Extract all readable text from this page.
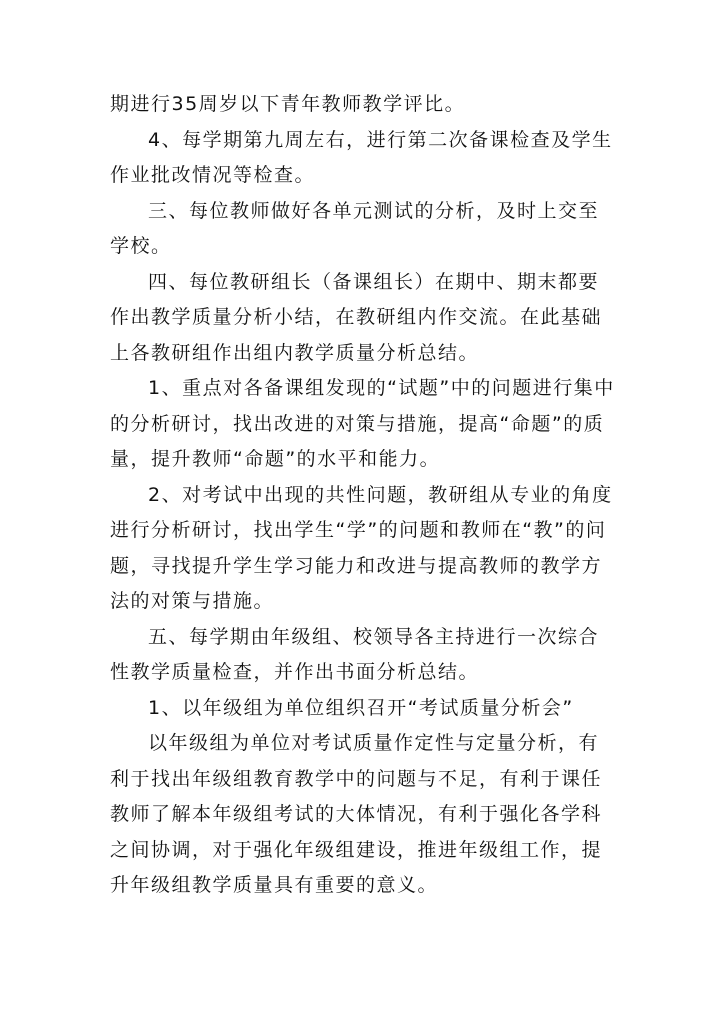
期进行35周岁以下青年教师教学评比。

4、每学期第九周左右，进行第二次备课检查及学生作业批改情况等检查。

三、每位教师做好各单元测试的分析，及时上交至学校。

四、每位教研组长（备课组长）在期中、期末都要作出教学质量分析小结，在教研组内作交流。在此基础上各教研组作出组内教学质量分析总结。

1、重点对各备课组发现的“试题”中的问题进行集中的分析研讨，找出改进的对策与措施，提高“命题”的质量，提升教师“命题”的水平和能力。

2、对考试中出现的共性问题，教研组从专业的角度进行分析研讨，找出学生“学”的问题和教师在“教”的问题，寻找提升学生学习能力和改进与提高教师的教学方法的对策与措施。

五、每学期由年级组、校领导各主持进行一次综合性教学质量检查，并作出书面分析总结。

1、以年级组为单位组织召开“考试质量分析会”

以年级组为单位对考试质量作定性与定量分析，有利于找出年级组教育教学中的问题与不足，有利于课任教师了解本年级组考试的大体情况，有利于强化各学科之间协调，对于强化年级组建设，推进年级组工作，提升年级组教学质量具有重要的意义。
